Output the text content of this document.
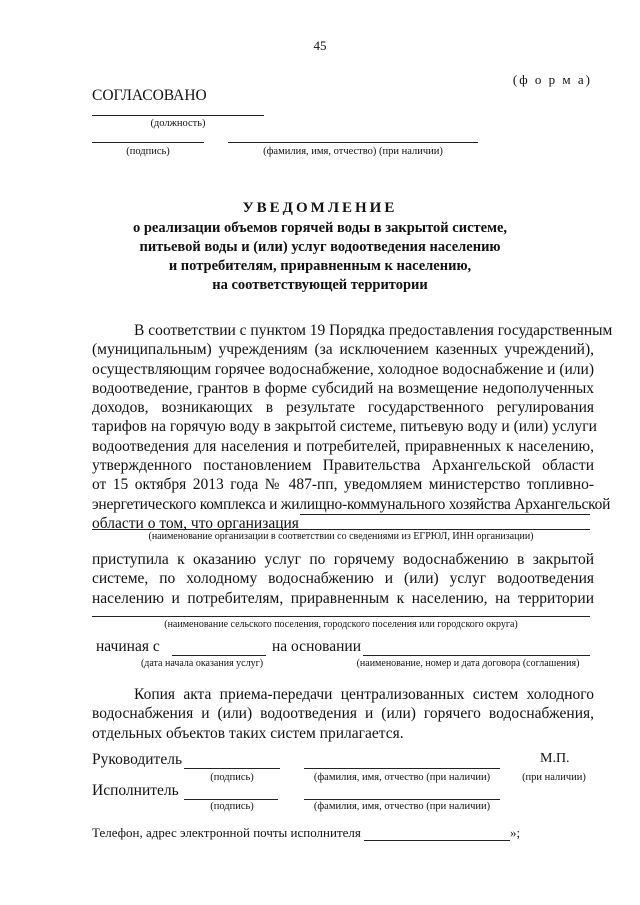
45
(ф о р м а)
СОГЛАСОВАНО
(должность)
(подпись)	(фамилия, имя, отчество) (при наличии)
УВЕДОМЛЕНИЕ
о реализации объемов горячей воды в закрытой системе,
питьевой воды и (или) услуг водоотведения населению
и потребителям, приравненным к населению,
на соответствующей территории
В соответствии с пунктом 19 Порядка предоставления государственным
(муниципальным) учреждениям (за исключением казенных учреждений),
осуществляющим горячее водоснабжение, холодное водоснабжение и (или)
водоотведение, грантов в форме субсидий на возмещение недополученных
доходов, возникающих в результате государственного регулирования
тарифов на горячую воду в закрытой системе, питьевую воду и (или) услуги
водоотведения для населения и потребителей, приравненных к населению,
утвержденного постановлением Правительства Архангельской области
от 15 октября 2013 года № 487-пп, уведомляем министерство топливно-
энергетического комплекса и жилищно-коммунального хозяйства Архангельской
области о том, что организация
(наименование организации в соответствии со сведениями из ЕГРЮЛ, ИНН организации)
приступила к оказанию услуг по горячему водоснабжению в закрытой
системе, по холодному водоснабжению и (или) услуг водоотведения
населению и потребителям, приравненным к населению, на территории
(наименование сельского поселения, городского поселения или городского округа)
начиная с	на основании
(дата начала оказания услуг)	(наименование, номер и дата договора (соглашения)
Копия акта приема-передачи централизованных систем холодного
водоснабжения и (или) водоотведения и (или) горячего водоснабжения,
отдельных объектов таких систем прилагается.
Руководитель	М.П.
(подпись)	(фамилия, имя, отчество (при наличии)	(при наличии)
Исполнитель
(подпись)	(фамилия, имя, отчество (при наличии)
Телефон, адрес электронной почты исполнителя	»;
